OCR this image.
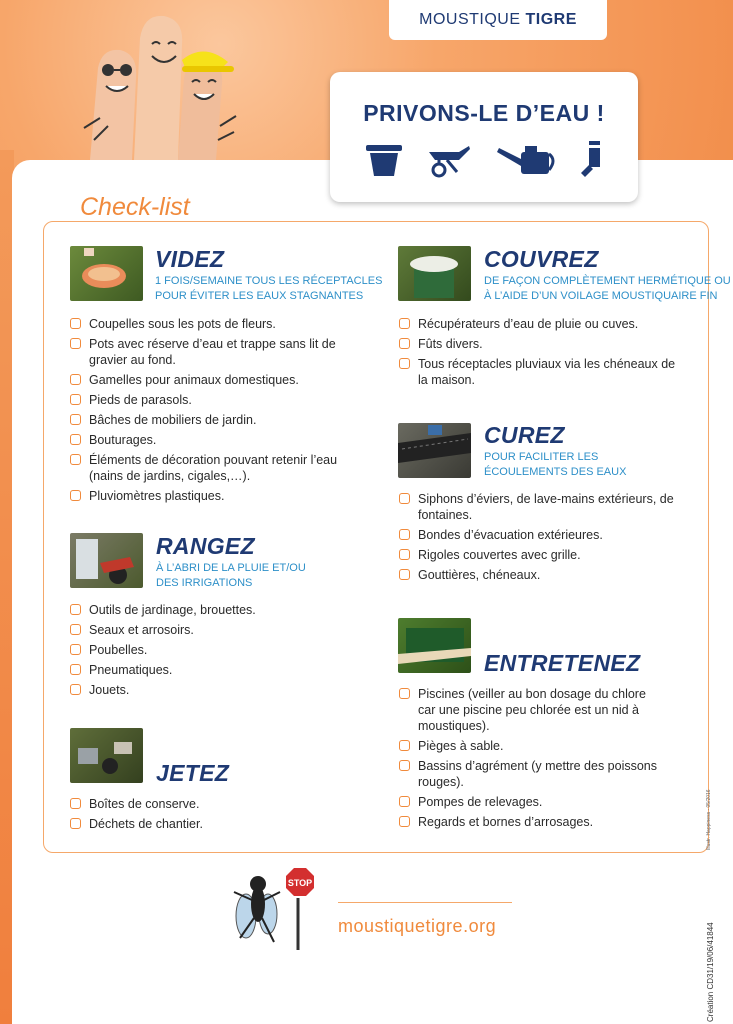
MOUSTIQUE TIGRE
PRIVONS-LE D’EAU !
Check-list
VIDEZ
1 FOIS/SEMAINE TOUS LES RÉCEPTACLES
POUR ÉVITER LES EAUX STAGNANTES
Coupelles sous les pots de fleurs.
Pots avec réserve d’eau et trappe sans lit de gravier au fond.
Gamelles pour animaux domestiques.
Pieds de parasols.
Bâches de mobiliers de jardin.
Bouturages.
Éléments de décoration pouvant retenir l’eau (nains de jardins, cigales,…).
Pluviomètres plastiques.
RANGEZ
À L’ABRI DE LA PLUIE ET/OU
DES IRRIGATIONS
Outils de jardinage, brouettes.
Seaux et arrosoirs.
Poubelles.
Pneumatiques.
Jouets.
JETEZ
Boîtes de conserve.
Déchets de chantier.
COUVREZ
DE FAÇON COMPLÈTEMENT HERMÉTIQUE OU
À L’AIDE D’UN VOILAGE MOUSTIQUAIRE FIN
Récupérateurs d’eau de pluie ou cuves.
Fûts divers.
Tous réceptacles pluviaux via les chéneaux de la maison.
CUREZ
POUR FACILITER LES
ÉCOULEMENTS DES EAUX
Siphons d’éviers, de lave-mains extérieurs, de fontaines.
Bondes d’évacuation extérieures.
Rigoles couvertes avec grille.
Gouttières, chéneaux.
ENTRETENEZ
Piscines (veiller au bon dosage du chlore car une piscine peu chlorée est un nid à moustiques).
Pièges à sable.
Bassins d’agrément (y mettre des poissons rouges).
Pompes de relevages.
Regards et bornes d’arrosages.
STOP
moustiquetigre.org
Illustr. Happiness - 05/2016
Création CD31/19/06/41844
